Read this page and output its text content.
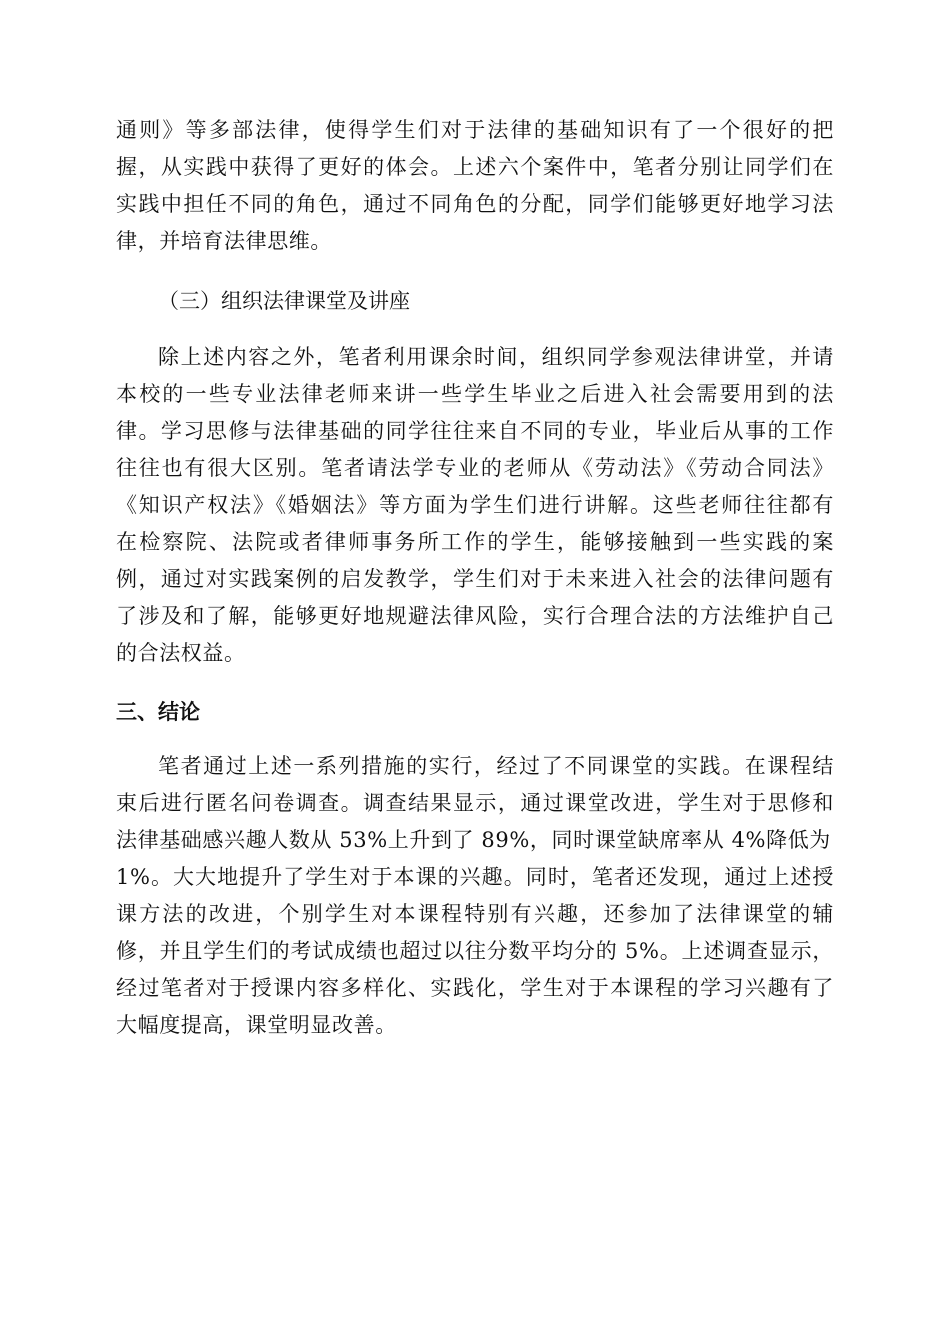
通则》等多部法律，使得学生们对于法律的基础知识有了一个很好的把
握，从实践中获得了更好的体会。上述六个案件中，笔者分别让同学们在
实践中担任不同的角色，通过不同角色的分配，同学们能够更好地学习法
律，并培育法律思维。
（三）组织法律课堂及讲座
除上述内容之外，笔者利用课余时间，组织同学参观法律讲堂，并请
本校的一些专业法律老师来讲一些学生毕业之后进入社会需要用到的法
律。学习思修与法律基础的同学往往来自不同的专业，毕业后从事的工作
往往也有很大区别。笔者请法学专业的老师从《劳动法》《劳动合同法》
《知识产权法》《婚姻法》等方面为学生们进行讲解。这些老师往往都有
在检察院、法院或者律师事务所工作的学生，能够接触到一些实践的案
例，通过对实践案例的启发教学，学生们对于未来进入社会的法律问题有
了涉及和了解，能够更好地规避法律风险，实行合理合法的方法维护自己
的合法权益。
三、结论
笔者通过上述一系列措施的实行，经过了不同课堂的实践。在课程结
束后进行匿名问卷调查。调查结果显示，通过课堂改进，学生对于思修和
法律基础感兴趣人数从 53%上升到了 89%，同时课堂缺席率从 4%降低为
1%。大大地提升了学生对于本课的兴趣。同时，笔者还发现，通过上述授
课方法的改进，个别学生对本课程特别有兴趣，还参加了法律课堂的辅
修，并且学生们的考试成绩也超过以往分数平均分的 5%。上述调查显示，
经过笔者对于授课内容多样化、实践化，学生对于本课程的学习兴趣有了
大幅度提高，课堂明显改善。
